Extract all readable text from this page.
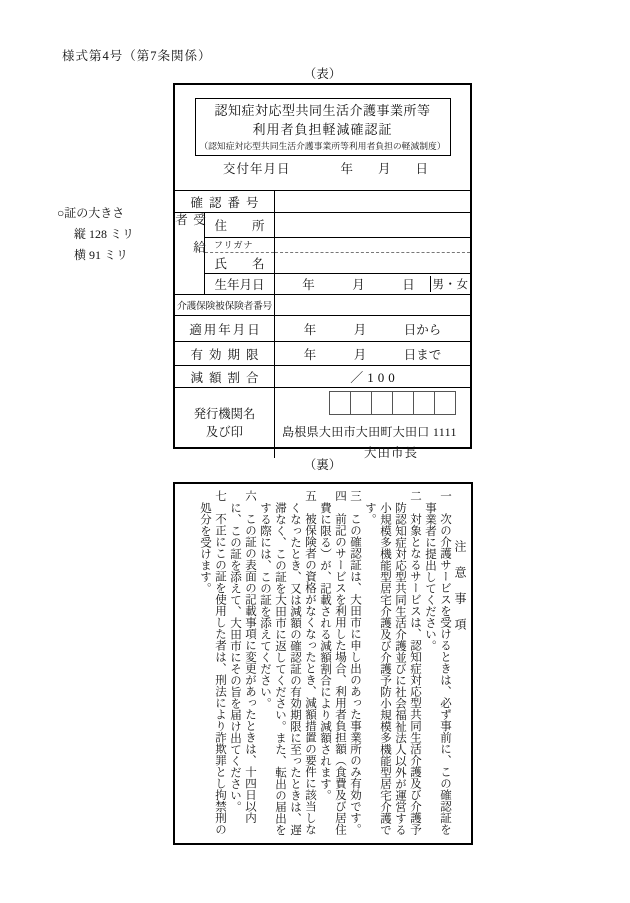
様式第4号（第7条関係）
（表）
○証の大きさ
縦 128 ミリ
横 91 ミリ
認知症対応型共同生活介護事業所等
利用者負担軽減確認証
（認知症対応型共同生活介護事業所等利用者負担の軽減制度）
交付年月日	年　　月　　日
確認番号
受給者	住　　所
フリガナ
氏　　名
生年月日	年　　　月　　　日	男・女
介護保険被保険者番号
適用年月日	年　　　月　　　日から
有効期限	年　　　月　　　日まで
減額割合	／100
発行機関名
及び印	島根県大田市大田町大田口 1111
大田市長
（裏）

注　意　事　項

一　次の介護サービスを受けるときは、必ず事前に、この確認証を事業者に提出してください。

二　対象となるサービスは、認知症対応型共同生活介護及び介護予防認知症対応型共同生活介護並びに社会福祉法人以外が運営する小規模多機能型居宅介護及び介護予防小規模多機能型居宅介護です。

三　この確認証は、大田市に申し出のあった事業所のみ有効です。

四　前記のサービスを利用した場合、利用者負担額（食費及び居住費に限る）が、記載される減額割合により減額されます。

五　被保険者の資格がなくなったとき、減額措置の要件に該当しなくなったとき、又は減額の確認証の有効期限に至ったときは、遅滞なく、この証を大田市に返してください。また、転出の届出をする際には、この証を添えてください。

六　この証の表面の記載事項に変更があったときは、十四日以内に、この証を添えて、大田市にその旨を届け出てください。

七　不正にこの証を使用した者は、刑法により詐欺罪とし拘禁刑の処分を受けます。
